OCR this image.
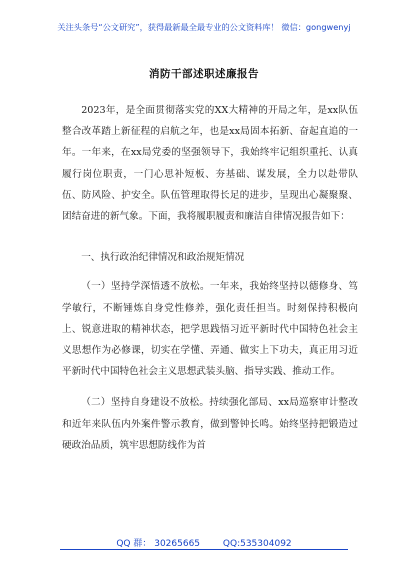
关注头条号“公文研究”，获得最新最全最专业的公文资料库！ 微信：gongwenyj
消防干部述职述廉报告

2023年，是全面贯彻落实党的XX大精神的开局之年，是xx队伍整合改革踏上新征程的启航之年，也是xx局固本拓新、奋起直追的一年。一年来，在xx局党委的坚强领导下，我始终牢记组织重托、认真履行岗位职责，一门心思补短板、夯基础、谋发展，全力以赴带队伍、防风险、护安全。队伍管理取得长足的进步，呈现出心凝聚聚、团结奋进的新气象。下面，我将履职履责和廉洁自律情况报告如下：

一、执行政治纪律情况和政治规矩情况

（一）坚持学深悟透不放松。一年来，我始终坚持以德修身、笃学敏行，不断锤炼自身党性修养，强化责任担当。时刻保持积极向上、锐意进取的精神状态，把学思践悟习近平新时代中国特色社会主义思想作为必修课，切实在学懂、弄通、做实上下功夫，真正用习近平新时代中国特色社会主义思想武装头脑、指导实践、推动工作。

（二）坚持自身建设不放松。持续强化部局、xx局巡察审计整改和近年来队伍内外案件警示教育，做到警钟长鸣。始终坚持把锻造过硬政治品质，筑牢思想防线作为首

QQ 群： 30265665	QQ:535304092
